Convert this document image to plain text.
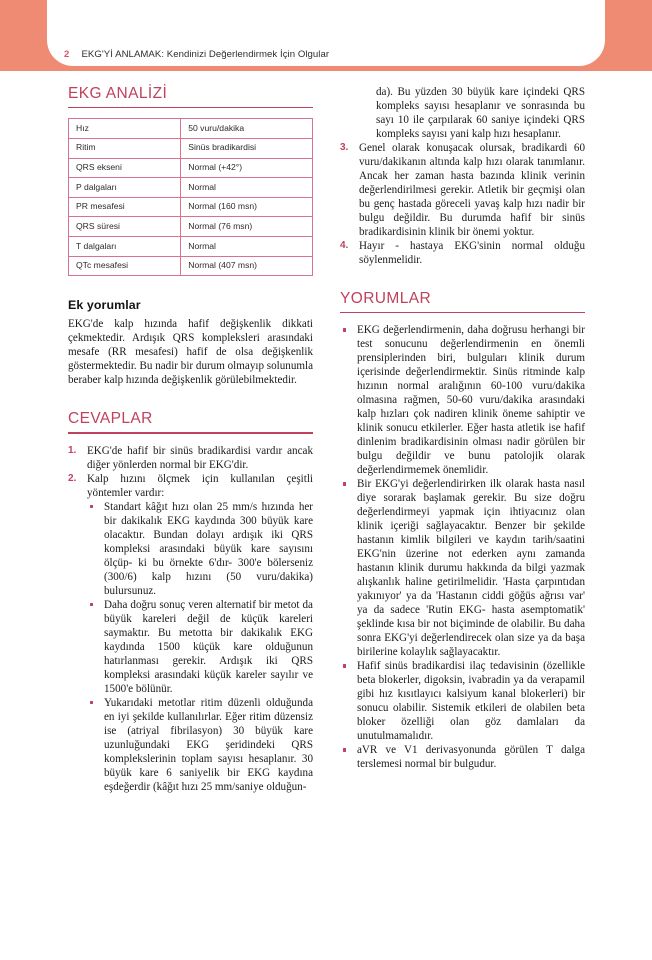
2 EKG'Yİ ANLAMAK: Kendinizi Değerlendirmek İçin Olgular
EKG ANALİZİ
Hız	50 vuru/dakika
Ritim	Sinüs bradikardisi
QRS ekseni	Normal (+42°)
P dalgaları	Normal
PR mesafesi	Normal (160 msn)
QRS süresi	Normal (76 msn)
T dalgaları	Normal
QTc mesafesi	Normal (407 msn)
Ek yorumlar

EKG'de kalp hızında hafif değişkenlik dikkati çekmektedir. Ardışık QRS kompleksleri arasındaki mesafe (RR mesafesi) hafif de olsa değişkenlik göstermektedir. Bu nadir bir durum olmayıp solunumla beraber kalp hızında değişkenlik görülebilmektedir.

CEVAPLAR
1. EKG'de hafif bir sinüs bradikardisi vardır ancak diğer yönlerden normal bir EKG'dir.
2. Kalp hızını ölçmek için kullanılan çeşitli yöntemler vardır:
Standart kâğıt hızı olan 25 mm/s hızında her bir dakikalık EKG kaydında 300 büyük kare olacaktır. Bundan dolayı ardışık iki QRS kompleksi arasındaki büyük kare sayısını ölçüp- ki bu örnekte 6'dır- 300'e bölerseniz (300/6) kalp hızını (50 vuru/dakika) bulursunuz.
Daha doğru sonuç veren alternatif bir metot da büyük kareleri değil de küçük kareleri saymaktır. Bu metotta bir dakikalık EKG kaydında 1500 küçük kare olduğunun hatırlanması gerekir. Ardışık iki QRS kompleksi arasındaki küçük kareler sayılır ve 1500'e bölünür.
Yukarıdaki metotlar ritim düzenli olduğunda en iyi şekilde kullanılırlar. Eğer ritim düzensiz ise (atriyal fibrilasyon) 30 büyük kare uzunluğundaki EKG şeridindeki QRS komplekslerinin toplam sayısı hesaplanır. 30 büyük kare 6 saniyelik bir EKG kaydına eşdeğerdir (kâğıt hızı 25 mm/saniye olduğun-

da). Bu yüzden 30 büyük kare içindeki QRS kompleks sayısı hesaplanır ve sonrasında bu sayı 10 ile çarpılarak 60 saniye içindeki QRS kompleks sayısı yani kalp hızı hesaplanır.

3. Genel olarak konuşacak olursak, bradikardi 60 vuru/dakikanın altında kalp hızı olarak tanımlanır. Ancak her zaman hasta bazında klinik verinin değerlendirilmesi gerekir. Atletik bir geçmişi olan bu genç hastada göreceli yavaş kalp hızı nadir bir bulgu değildir. Bu durumda hafif bir sinüs bradikardisinin klinik bir önemi yoktur.
4. Hayır - hastaya EKG'sinin normal olduğu söylenmelidir.
YORUMLAR
EKG değerlendirmenin, daha doğrusu herhangi bir test sonucunu değerlendirmenin en önemli prensiplerinden biri, bulguları klinik durum içerisinde değerlendirmektir. Sinüs ritminde kalp hızının normal aralığının 60-100 vuru/dakika olmasına rağmen, 50-60 vuru/dakika arasındaki kalp hızları çok nadiren klinik öneme sahiptir ve klinik sonucu etkilerler. Eğer hasta atletik ise hafif dinlenim bradikardisinin olması nadir görülen bir bulgu değildir ve bunu patolojik olarak değerlendirmemek önemlidir.
Bir EKG'yi değerlendirirken ilk olarak hasta nasıl diye sorarak başlamak gerekir. Bu size doğru değerlendirmeyi yapmak için ihtiyacınız olan klinik içeriği sağlayacaktır. Benzer bir şekilde hastanın kimlik bilgileri ve kaydın tarih/saatini EKG'nin üzerine not ederken aynı zamanda hastanın klinik durumu hakkında da bilgi yazmak alışkanlık haline getirilmelidir. 'Hasta çarpıntıdan yakınıyor' ya da 'Hastanın ciddi göğüs ağrısı var' ya da sadece 'Rutin EKG- hasta asemptomatik' şeklinde kısa bir not biçiminde de olabilir. Bu daha sonra EKG'yi değerlendirecek olan size ya da başa birilerine kolaylık sağlayacaktır.
Hafif sinüs bradikardisi ilaç tedavisinin (özellikle beta blokerler, digoksin, ivabradin ya da verapamil gibi hız kısıtlayıcı kalsiyum kanal blokerleri) bir sonucu olabilir. Sistemik etkileri de olabilen beta bloker özelliği olan göz damlaları da unutulmamalıdır.
aVR ve V1 derivasyonunda görülen T dalga terslemesi normal bir bulgudur.
